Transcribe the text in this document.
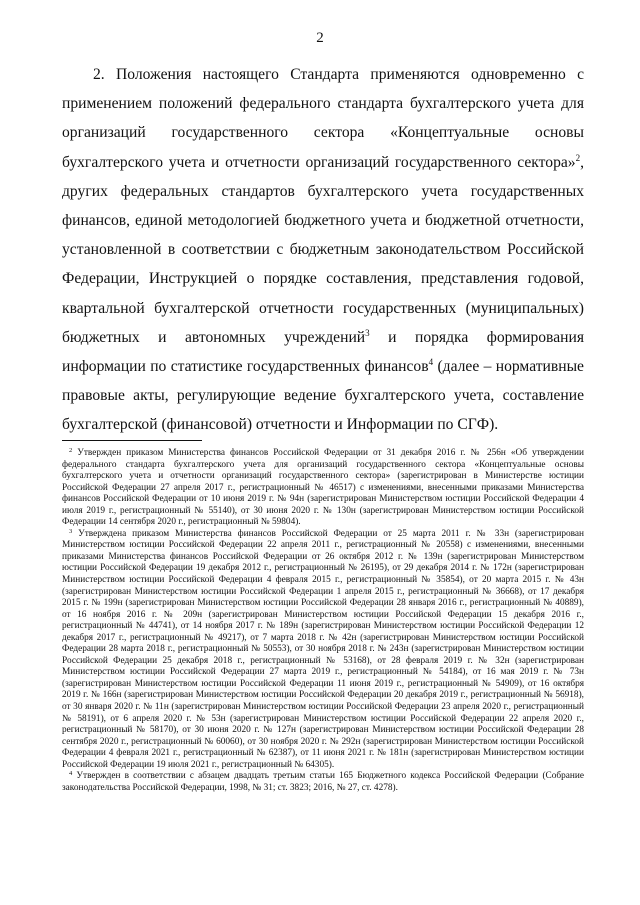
2

2. Положения настоящего Стандарта применяются одновременно с применением положений федерального стандарта бухгалтерского учета для организаций государственного сектора «Концептуальные основы бухгалтерского учета и отчетности организаций государственного сектора»$^2$, других федеральных стандартов бухгалтерского учета государственных финансов, единой методологией бюджетного учета и бюджетной отчетности, установленной в соответствии с бюджетным законодательством Российской Федерации, Инструкцией о порядке составления, представления годовой, квартальной бухгалтерской отчетности государственных (муниципальных) бюджетных и автономных учреждений$^3$ и порядка формирования информации по статистике государственных финансов$^4$ (далее – нормативные правовые акты, регулирующие ведение бухгалтерского учета, составление бухгалтерской (финансовой) отчетности и Информации по СГФ).

$^2$ Утвержден приказом Министерства финансов Российской Федерации от 31 декабря 2016 г. № 256н «Об утверждении федерального стандарта бухгалтерского учета для организаций государственного сектора «Концептуальные основы бухгалтерского учета и отчетности организаций государственного сектора» (зарегистрирован в Министерстве юстиции Российской Федерации 27 апреля 2017 г., регистрационный № 46517) с изменениями, внесенными приказами Министерства финансов Российской Федерации от 10 июня 2019 г. № 94н (зарегистрирован Министерством юстиции Российской Федерации 4 июля 2019 г., регистрационный № 55140), от 30 июня 2020 г. № 130н (зарегистрирован Министерством юстиции Российской Федерации 14 сентября 2020 г., регистрационный № 59804).

$^3$ Утверждена приказом Министерства финансов Российской Федерации от 25 марта 2011 г. № 33н (зарегистрирован Министерством юстиции Российской Федерации 22 апреля 2011 г., регистрационный № 20558) с изменениями, внесенными приказами Министерства финансов Российской Федерации от 26 октября 2012 г. № 139н (зарегистрирован Министерством юстиции Российской Федерации 19 декабря 2012 г., регистрационный № 26195), от 29 декабря 2014 г. № 172н (зарегистрирован Министерством юстиции Российской Федерации 4 февраля 2015 г., регистрационный № 35854), от 20 марта 2015 г. № 43н (зарегистрирован Министерством юстиции Российской Федерации 1 апреля 2015 г., регистрационный № 36668), от 17 декабря 2015 г. № 199н (зарегистрирован Министерством юстиции Российской Федерации 28 января 2016 г., регистрационный № 40889), от 16 ноября 2016 г. № 209н (зарегистрирован Министерством юстиции Российской Федерации 15 декабря 2016 г., регистрационный № 44741), от 14 ноября 2017 г. № 189н (зарегистрирован Министерством юстиции Российской Федерации 12 декабря 2017 г., регистрационный № 49217), от 7 марта 2018 г. № 42н (зарегистрирован Министерством юстиции Российской Федерации 28 марта 2018 г., регистрационный № 50553), от 30 ноября 2018 г. № 243н (зарегистрирован Министерством юстиции Российской Федерации 25 декабря 2018 г., регистрационный № 53168), от 28 февраля 2019 г. № 32н (зарегистрирован Министерством юстиции Российской Федерации 27 марта 2019 г., регистрационный № 54184), от 16 мая 2019 г. № 73н (зарегистрирован Министерством юстиции Российской Федерации 11 июня 2019 г., регистрационный № 54909), от 16 октября 2019 г. № 166н (зарегистрирован Министерством юстиции Российской Федерации 20 декабря 2019 г., регистрационный № 56918), от 30 января 2020 г. № 11н (зарегистрирован Министерством юстиции Российской Федерации 23 апреля 2020 г., регистрационный № 58191), от 6 апреля 2020 г. № 53н (зарегистрирован Министерством юстиции Российской Федерации 22 апреля 2020 г., регистрационный № 58170), от 30 июня 2020 г. № 127н (зарегистрирован Министерством юстиции Российской Федерации 28 сентября 2020 г., регистрационный № 60060), от 30 ноября 2020 г. № 292н (зарегистрирован Министерством юстиции Российской Федерации 4 февраля 2021 г., регистрационный № 62387), от 11 июня 2021 г. № 181н (зарегистрирован Министерством юстиции Российской Федерации 19 июля 2021 г., регистрационный № 64305).

$^4$ Утвержден в соответствии с абзацем двадцать третьим статьи 165 Бюджетного кодекса Российской Федерации (Собрание законодательства Российской Федерации, 1998, № 31; ст. 3823; 2016, № 27, ст. 4278).
